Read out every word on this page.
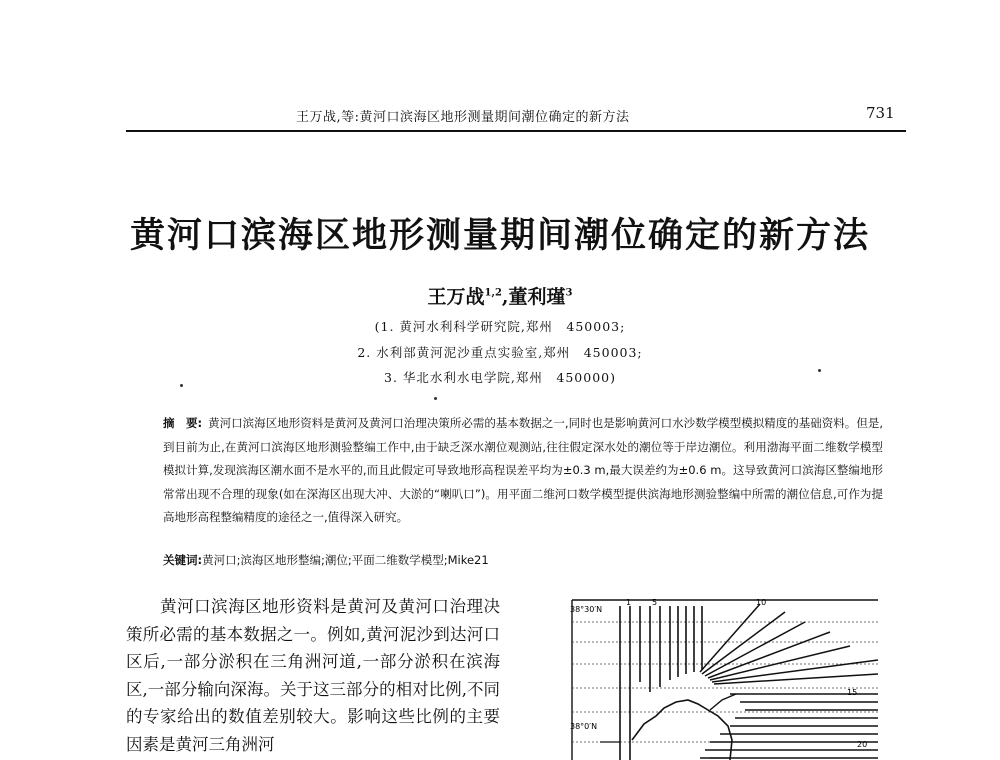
王万战,等:黄河口滨海区地形测量期间潮位确定的新方法	731
黄河口滨海区地形测量期间潮位确定的新方法
王万战$^{1,2}$,董利瑾$^3$
(1. 黄河水利科学研究院,郑州　450003;
2. 水利部黄河泥沙重点实验室,郑州　450003;
3. 华北水利水电学院,郑州　450000)
摘　要: 黄河口滨海区地形资料是黄河及黄河口治理决策所必需的基本数据之一,同时也是影响黄河口水沙数学模型模拟精度的基础资料。但是,到目前为止,在黄河口滨海区地形测验整编工作中,由于缺乏深水潮位观测站,往往假定深水处的潮位等于岸边潮位。利用渤海平面二维数学模型模拟计算,发现滨海区潮水面不是水平的,而且此假定可导致地形高程误差平均为±0.3 m,最大误差约为±0.6 m。这导致黄河口滨海区整编地形常常出现不合理的现象(如在深海区出现大冲、大淤的“喇叭口”)。用平面二维河口数学模型提供滨海地形测验整编中所需的潮位信息,可作为提高地形高程整编精度的途径之一,值得深入研究。
关键词:黄河口;滨海区地形整编;潮位;平面二维数学模型;Mike21
黄河口滨海区地形资料是黄河及黄河口治理决策所必需的基本数据之一。例如,黄河泥沙到达河口区后,一部分淤积在三角洲河道,一部分淤积在滨海区,一部分输向深海。关于这三部分的相对比例,不同的专家给出的数值差别较大。影响这些比例的主要因素是黄河三角洲河
38°30′N
38°0′N
1	5	10
15
20
